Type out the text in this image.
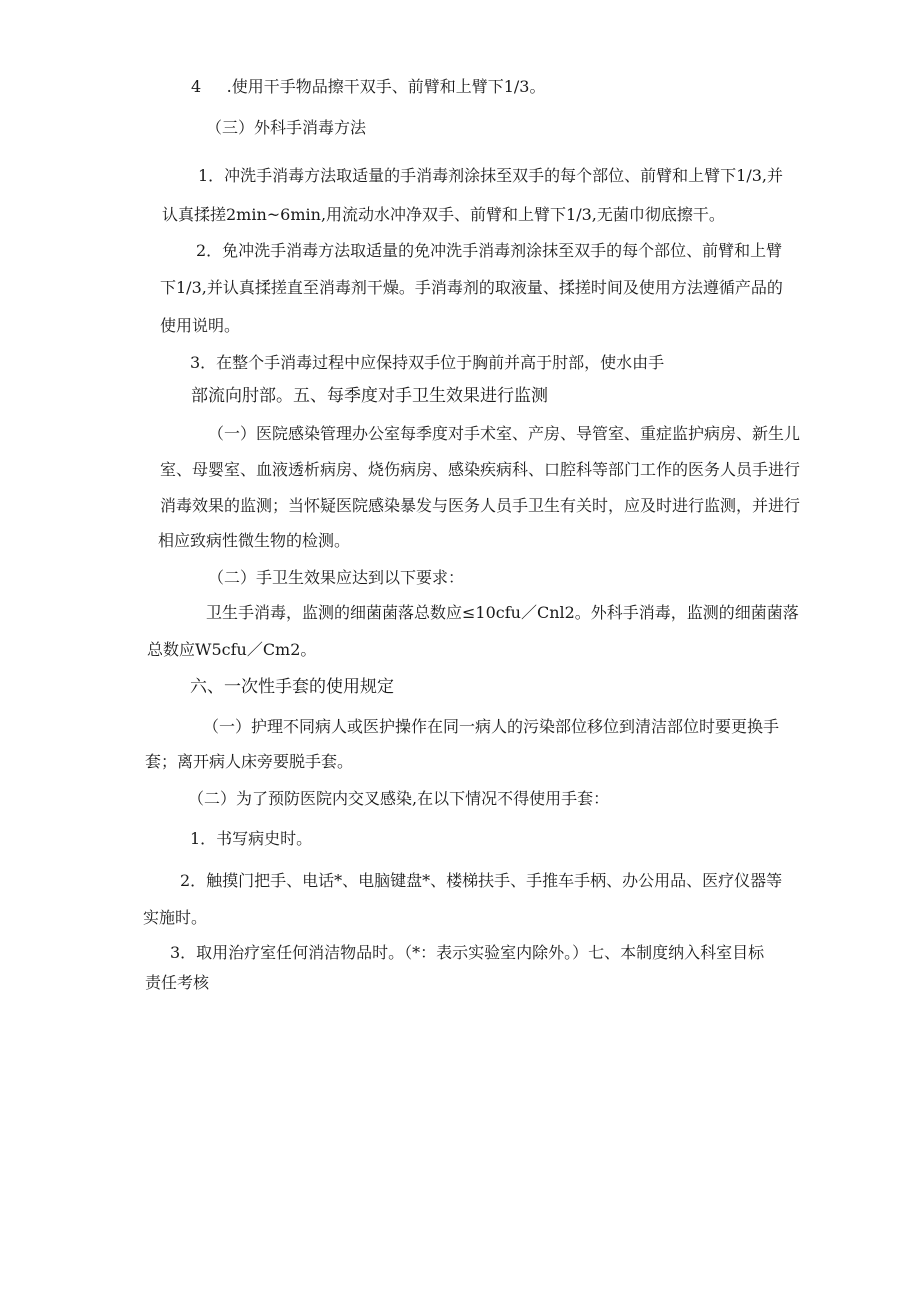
4     .使用干手物品擦干双手、前臂和上臂下1/3。
（三）外科手消毒方法
1．冲洗手消毒方法取适量的手消毒剂涂抹至双手的每个部位、前臂和上臂下1/3,并
认真揉搓2min~6min,用流动水冲净双手、前臂和上臂下1/3,无菌巾彻底擦干。
2．免冲洗手消毒方法取适量的免冲洗手消毒剂涂抹至双手的每个部位、前臂和上臂
下1/3,并认真揉搓直至消毒剂干燥。手消毒剂的取液量、揉搓时间及使用方法遵循产品的
使用说明。
3．在整个手消毒过程中应保持双手位于胸前并高于肘部，使水由手
部流向肘部。五、每季度对手卫生效果进行监测
（一）医院感染管理办公室每季度对手术室、产房、导管室、重症监护病房、新生儿
室、母婴室、血液透析病房、烧伤病房、感染疾病科、口腔科等部门工作的医务人员手进行
消毒效果的监测；当怀疑医院感染暴发与医务人员手卫生有关时，应及时进行监测，并进行
相应致病性微生物的检测。
（二）手卫生效果应达到以下要求：
卫生手消毒，监测的细菌菌落总数应≤10cfu／Cnl2。外科手消毒，监测的细菌菌落
总数应W5cfu／Cm2。
六、一次性手套的使用规定
（一）护理不同病人或医护操作在同一病人的污染部位移位到清洁部位时要更换手
套；离开病人床旁要脱手套。
（二）为了预防医院内交叉感染,在以下情况不得使用手套：
1．书写病史时。
2．触摸门把手、电话*、电脑键盘*、楼梯扶手、手推车手柄、办公用品、医疗仪器等
实施时。
3．取用治疗室任何消洁物品时。（*：表示实验室内除外。）七、本制度纳入科室目标
责任考核
